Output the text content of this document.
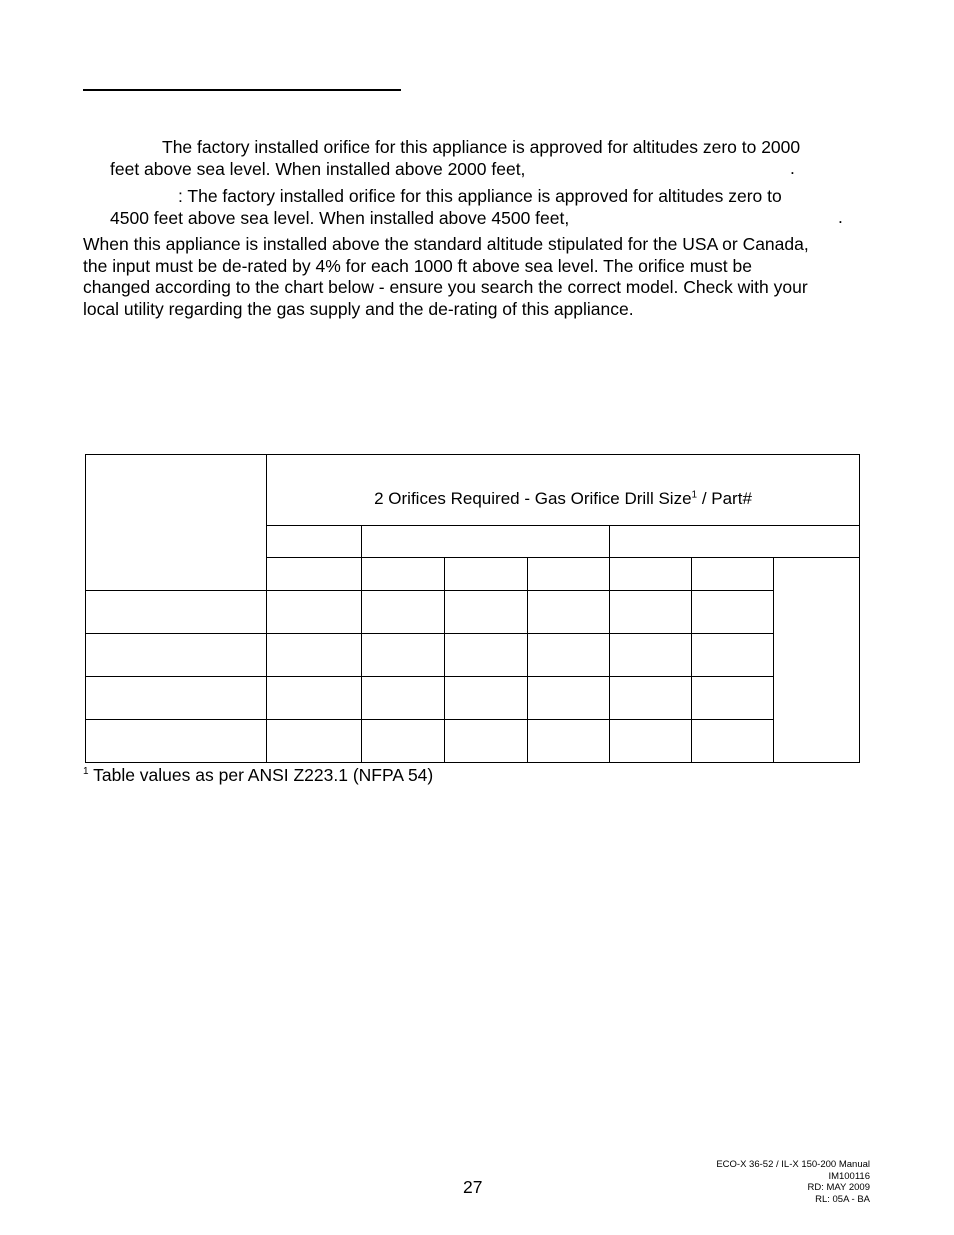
The factory installed orifice for this appliance is approved for altitudes zero to 2000
feet above sea level. When installed above 2000 feet,	.

: The factory installed orifice for this appliance is approved for altitudes zero to
4500 feet above sea level. When installed above 4500 feet,	.

When this appliance is installed above the standard altitude stipulated for the USA or Canada,
the input must be de-rated by 4% for each 1000 ft above sea level. The orifice must be
changed according to the chart below - ensure you search the correct model. Check with your
local utility regarding the gas supply and the de-rating of this appliance.

	2 Orifices Required - Gas Orifice Drill Size$^1$ / Part#						

$^1$ Table values as per ANSI Z223.1 (NFPA 54)
27
ECO-X 36-52 / IL-X 150-200 Manual
IM100116
RD: MAY 2009
RL: 05A - BA
